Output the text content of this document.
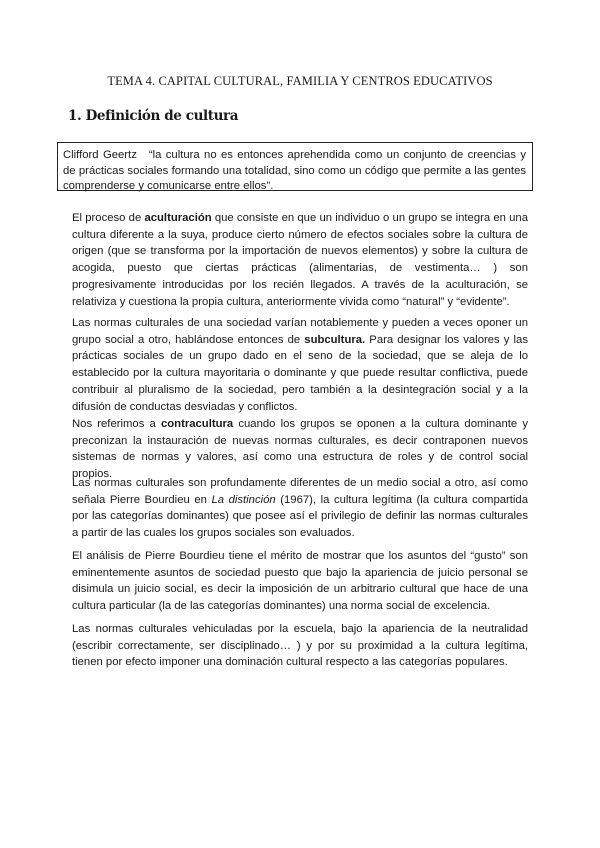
TEMA 4. CAPITAL CULTURAL, FAMILIA Y CENTROS EDUCATIVOS
1. Definición de cultura
Clifford Geertz “la cultura no es entonces aprehendida como un conjunto de creencias y de prácticas sociales formando una totalidad, sino como un código que permite a las gentes comprenderse y comunicarse entre ellos”.

El proceso de aculturación que consiste en que un individuo o un grupo se integra en una cultura diferente a la suya, produce cierto número de efectos sociales sobre la cultura de origen (que se transforma por la importación de nuevos elementos) y sobre la cultura de acogida, puesto que ciertas prácticas (alimentarias, de vestimenta… ) son progresivamente introducidas por los recién llegados. A través de la aculturación, se relativiza y cuestiona la propia cultura, anteriormente vivida como “natural” y “evidente”.

Las normas culturales de una sociedad varían notablemente y pueden a veces oponer un grupo social a otro, hablándose entonces de subcultura. Para designar los valores y las prácticas sociales de un grupo dado en el seno de la sociedad, que se aleja de lo establecido por la cultura mayoritaria o dominante y que puede resultar conflictiva, puede contribuir al pluralismo de la sociedad, pero también a la desintegración social y a la difusión de conductas desviadas y conflictos.

Nos referimos a contracultura cuando los grupos se oponen a la cultura dominante y preconizan la instauración de nuevas normas culturales, es decir contraponen nuevos sistemas de normas y valores, así como una estructura de roles y de control social propios.

Las normas culturales son profundamente diferentes de un medio social a otro, así como señala Pierre Bourdieu en La distinción (1967), la cultura legítima (la cultura compartida por las categorías dominantes) que posee así el privilegio de definir las normas culturales a partir de las cuales los grupos sociales son evaluados.

El análisis de Pierre Bourdieu tiene el mérito de mostrar que los asuntos del “gusto” son eminentemente asuntos de sociedad puesto que bajo la apariencia de juicio personal se disimula un juicio social, es decir la imposición de un arbitrario cultural que hace de una cultura particular (la de las categorías dominantes) una norma social de excelencia.

Las normas culturales vehiculadas por la escuela, bajo la apariencia de la neutralidad (escribir correctamente, ser disciplinado… ) y por su proximidad a la cultura legítima, tienen por efecto imponer una dominación cultural respecto a las categorías populares.
